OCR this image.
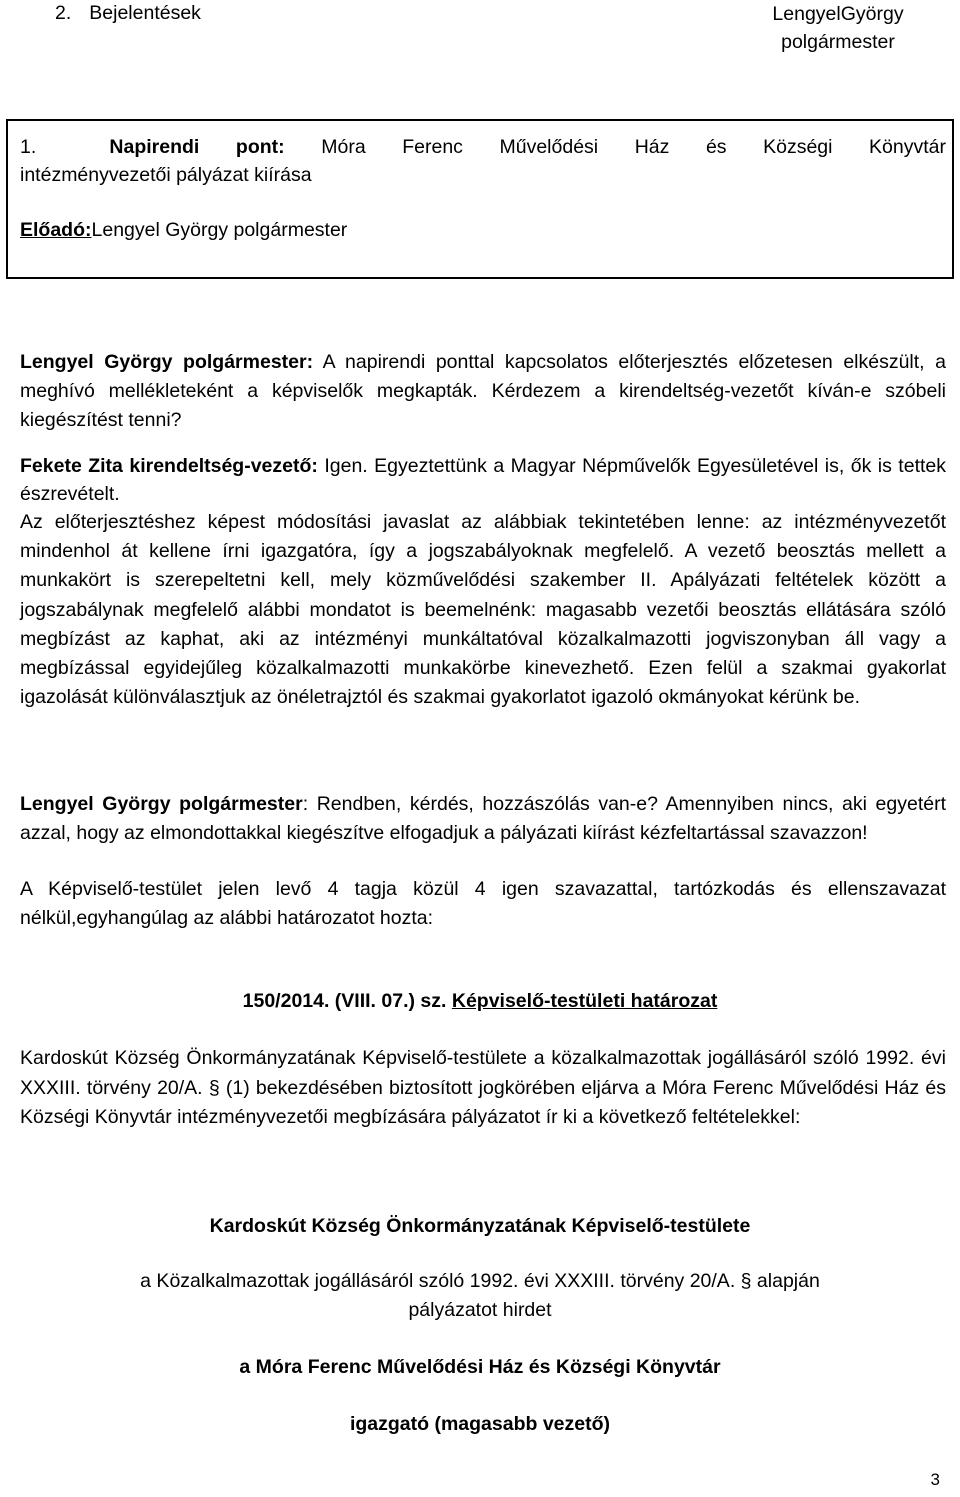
2. Bejelentések	LengyelGyörgy
polgármester
1.	Napirendi pont: Móra Ferenc Művelődési Ház és Községi Könyvtár
intézményvezetői pályázat kiírása
Előadó:Lengyel György polgármester
Lengyel György polgármester: A napirendi ponttal kapcsolatos előterjesztés előzetesen elkészült, a meghívó mellékleteként a képviselők megkapták. Kérdezem a kirendeltség-vezetőt kíván-e szóbeli kiegészítést tenni?
Fekete Zita kirendeltség-vezető: Igen. Egyeztettünk a Magyar Népművelők Egyesületével is, ők is tettek észrevételt.
Az előterjesztéshez képest módosítási javaslat az alábbiak tekintetében lenne: az intézményvezetőt mindenhol át kellene írni igazgatóra, így a jogszabályoknak megfelelő. A vezető beosztás mellett a munkakört is szerepeltetni kell, mely közművelődési szakember II. Apályázati feltételek között a jogszabálynak megfelelő alábbi mondatot is beemelnénk: magasabb vezetői beosztás ellátására szóló megbízást az kaphat, aki az intézményi munkáltatóval közalkalmazotti jogviszonyban áll vagy a megbízással egyidejűleg közalkalmazotti munkakörbe kinevezhető. Ezen felül a szakmai gyakorlat igazolását különválasztjuk az önéletrajztól és szakmai gyakorlatot igazoló okmányokat kérünk be.
Lengyel György polgármester: Rendben, kérdés, hozzászólás van-e? Amennyiben nincs, aki egyetért azzal, hogy az elmondottakkal kiegészítve elfogadjuk a pályázati kiírást kézfeltartással szavazzon!
A Képviselő-testület jelen levő 4 tagja közül 4 igen szavazattal, tartózkodás és ellenszavazat nélkül,egyhangúlag az alábbi határozatot hozta:
150/2014. (VIII. 07.) sz. Képviselő-testületi határozat
Kardoskút Község Önkormányzatának Képviselő-testülete a közalkalmazottak jogállásáról szóló 1992. évi XXXIII. törvény 20/A. § (1) bekezdésében biztosított jogkörében eljárva a Móra Ferenc Művelődési Ház és Községi Könyvtár intézményvezetői megbízására pályázatot ír ki a következő feltételekkel:
Kardoskút Község Önkormányzatának Képviselő-testülete
a Közalkalmazottak jogállásáról szóló 1992. évi XXXIII. törvény 20/A. § alapján
pályázatot hirdet
a Móra Ferenc Művelődési Ház és Községi Könyvtár
igazgató (magasabb vezető)
3
